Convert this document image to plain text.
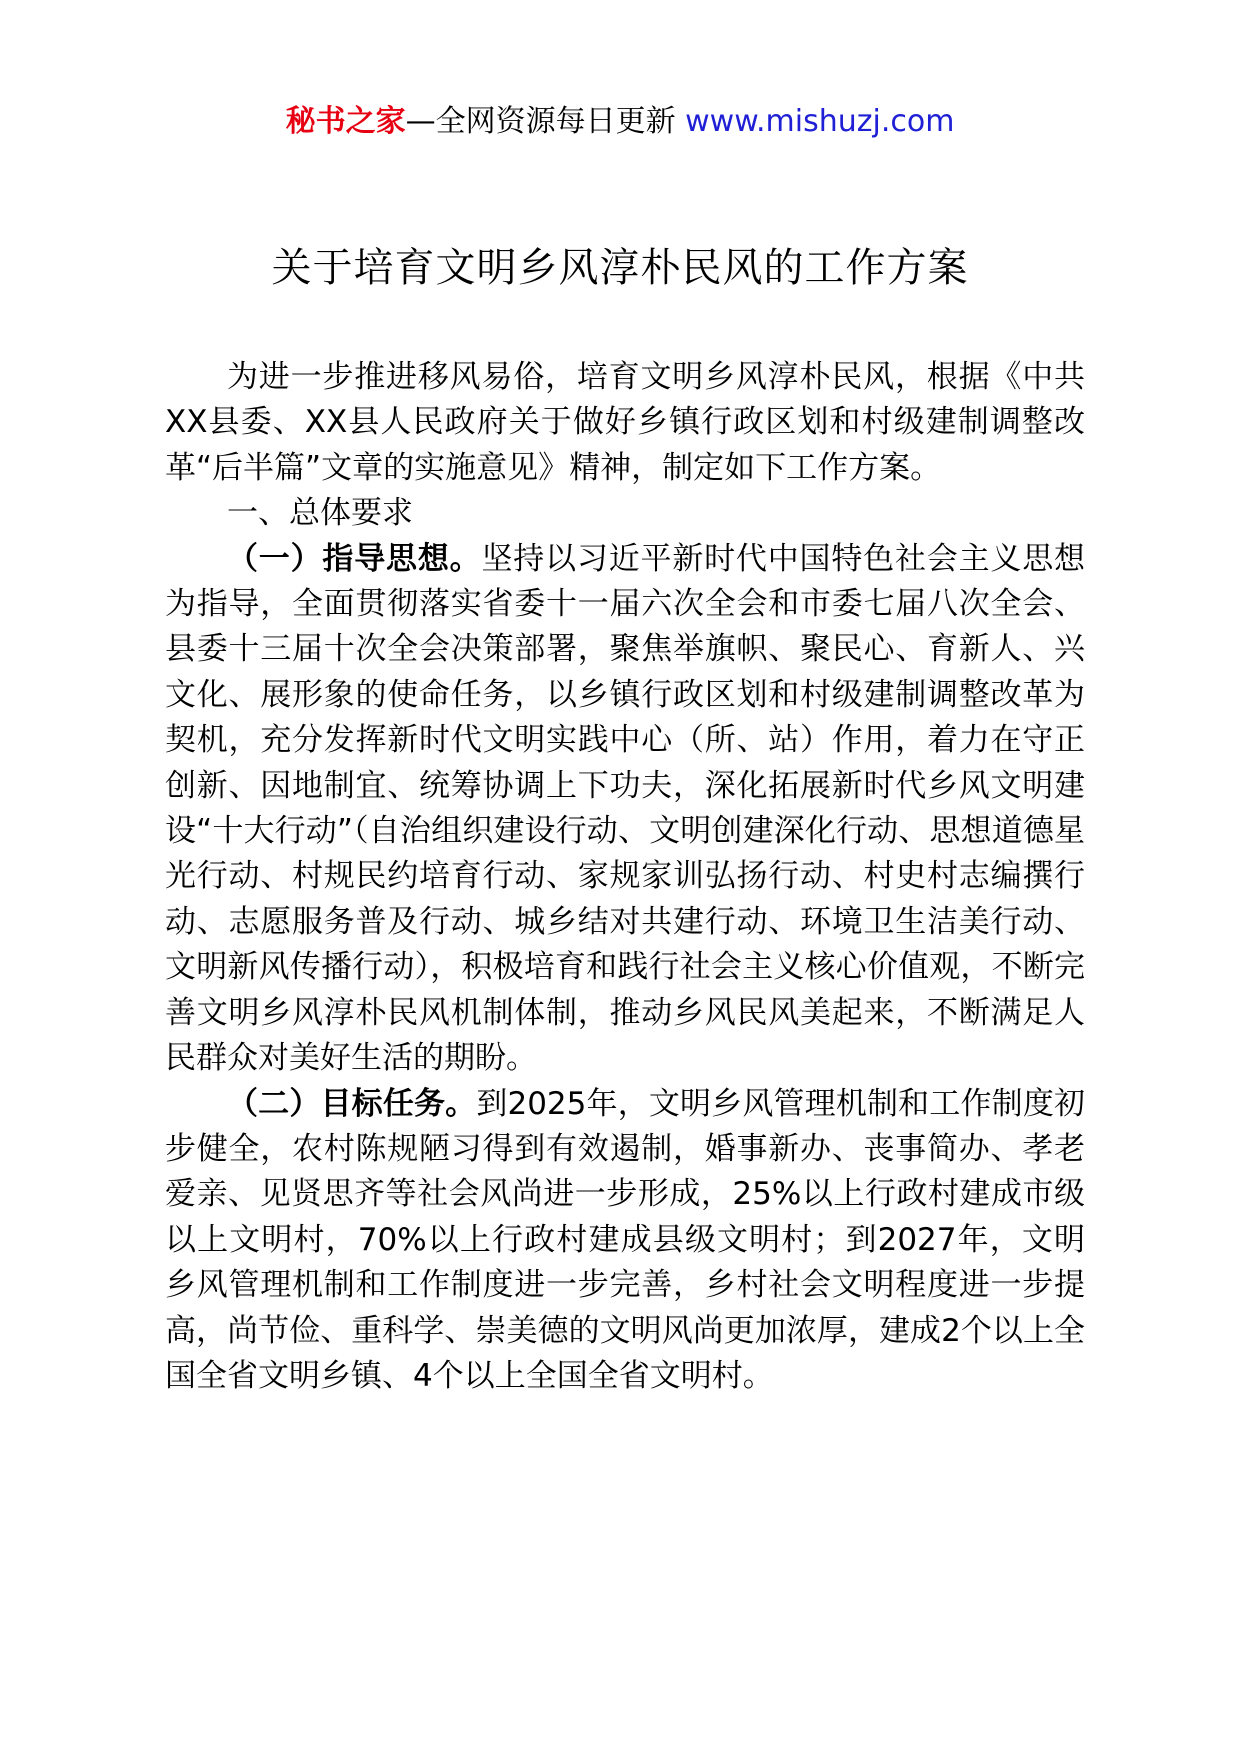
秘书之家—全网资源每日更新 www.mishuzj.com
关于培育文明乡风淳朴民风的工作方案

为进一步推进移风易俗，培育文明乡风淳朴民风，根据《中共XX县委、XX县人民政府关于做好乡镇行政区划和村级建制调整改革“后半篇”文章的实施意见》精神，制定如下工作方案。

一、总体要求

（一）指导思想。坚持以习近平新时代中国特色社会主义思想为指导，全面贯彻落实省委十一届六次全会和市委七届八次全会、县委十三届十次全会决策部署，聚焦举旗帜、聚民心、育新人、兴文化、展形象的使命任务，以乡镇行政区划和村级建制调整改革为契机，充分发挥新时代文明实践中心（所、站）作用，着力在守正创新、因地制宜、统筹协调上下功夫，深化拓展新时代乡风文明建设“十大行动”（自治组织建设行动、文明创建深化行动、思想道德星光行动、村规民约培育行动、家规家训弘扬行动、村史村志编撰行动、志愿服务普及行动、城乡结对共建行动、环境卫生洁美行动、文明新风传播行动），积极培育和践行社会主义核心价值观，不断完善文明乡风淳朴民风机制体制，推动乡风民风美起来，不断满足人民群众对美好生活的期盼。

（二）目标任务。到2025年，文明乡风管理机制和工作制度初步健全，农村陈规陋习得到有效遏制，婚事新办、丧事简办、孝老爱亲、见贤思齐等社会风尚进一步形成，25%以上行政村建成市级以上文明村，70%以上行政村建成县级文明村；到2027年，文明乡风管理机制和工作制度进一步完善，乡村社会文明程度进一步提高，尚节俭、重科学、崇美德的文明风尚更加浓厚，建成2个以上全国全省文明乡镇、4个以上全国全省文明村。
